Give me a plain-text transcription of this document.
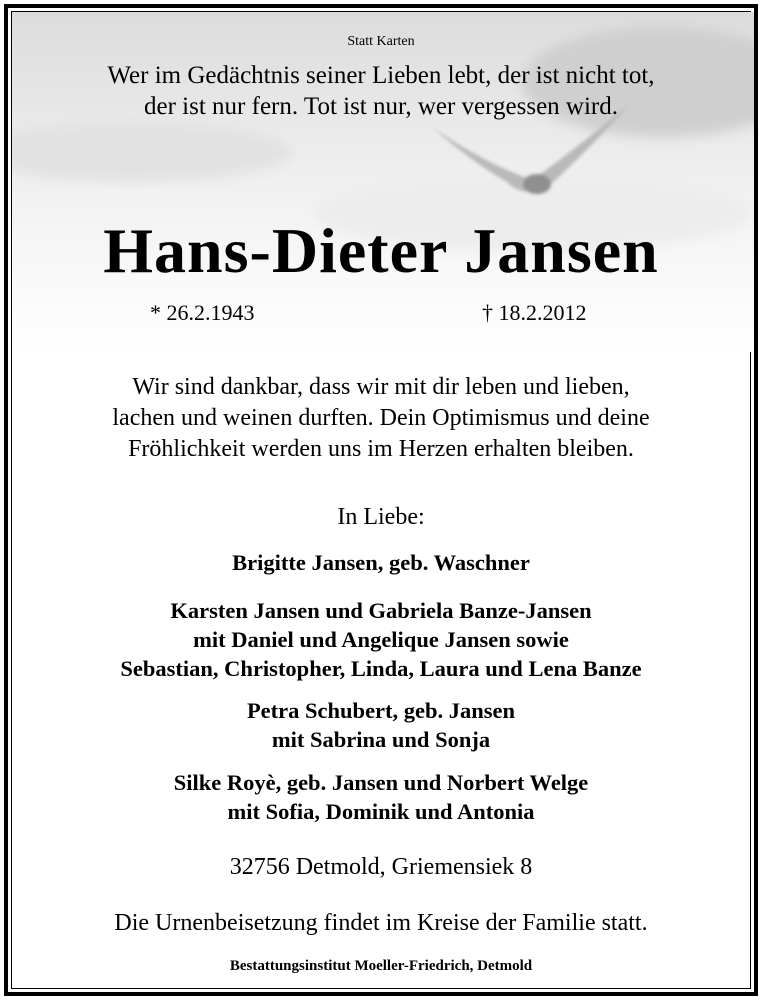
Statt Karten
Wer im Gedächtnis seiner Lieben lebt, der ist nicht tot,
der ist nur fern. Tot ist nur, wer vergessen wird.
Hans-Dieter Jansen
* 26.2.1943	† 18.2.2012
Wir sind dankbar, dass wir mit dir leben und lieben,
lachen und weinen durften. Dein Optimismus und deine
Fröhlichkeit werden uns im Herzen erhalten bleiben.
In Liebe:
Brigitte Jansen, geb. Waschner
Karsten Jansen und Gabriela Banze-Jansen
mit Daniel und Angelique Jansen sowie
Sebastian, Christopher, Linda, Laura und Lena Banze
Petra Schubert, geb. Jansen
mit Sabrina und Sonja
Silke Royè, geb. Jansen und Norbert Welge
mit Sofia, Dominik und Antonia
32756 Detmold, Griemensiek 8
Die Urnenbeisetzung findet im Kreise der Familie statt.
Bestattungsinstitut Moeller-Friedrich, Detmold
